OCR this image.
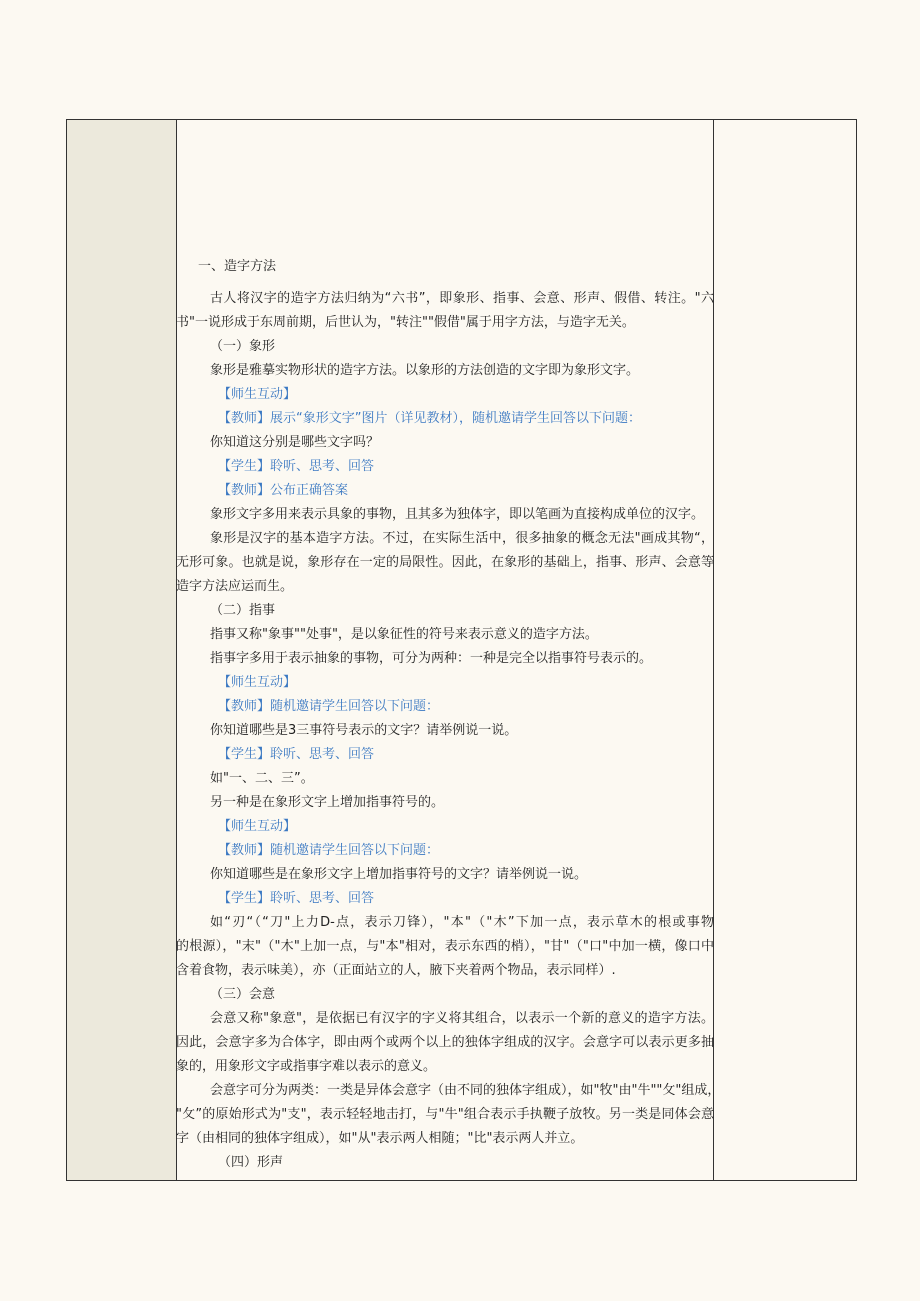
一、造字方法
古人将汉字的造字方法归纳为“六书”，即象形、指事、会意、形声、假借、转注。"六
书"一说形成于东周前期，后世认为，"转注""假借"属于用字方法，与造字无关。
（一）象形
象形是雅摹实物形状的造字方法。以象形的方法创造的文字即为象形文字。
【师生互动】
【教师】展示“象形文字”图片（详见教材），随机邀请学生回答以下问题：
你知道这分别是哪些文字吗？
【学生】聆听、思考、回答
【教师】公布正确答案
象形文字多用来表示具象的事物，且其多为独体字，即以笔画为直接构成单位的汉字。
象形是汉字的基本造字方法。不过，在实际生活中，很多抽象的概念无法"画成其物“，
无形可象。也就是说，象形存在一定的局限性。因此，在象形的基础上，指事、形声、会意等
造字方法应运而生。
（二）指事
指事又称"象事""处事"，是以象征性的符号来表示意义的造字方法。
指事字多用于表示抽象的事物，可分为两种：一种是完全以指事符号表示的。
【师生互动】
【教师】随机邀请学生回答以下问题：
你知道哪些是3三事符号表示的文字？请举例说一说。
【学生】聆听、思考、回答
如"一、二、三”。
另一种是在象形文字上增加指事符号的。
【师生互动】
【教师】随机邀请学生回答以下问题：
你知道哪些是在象形文字上增加指事符号的文字？请举例说一说。
【学生】聆听、思考、回答
如“刃“（“刀"上力D-点，表示刀锋），"本"（"木”下加一点，表示草木的根或事物
的根源），"末"（"木"上加一点，与"本"相对，表示东西的梢），"甘"（"口"中加一横，像口中
含着食物，表示味美），亦（正面站立的人，腋下夹着两个物品，表示同样）.
（三）会意
会意又称"象意"，是依据已有汉字的字义将其组合，以表示一个新的意义的造字方法。
因此，会意字多为合体字，即由两个或两个以上的独体字组成的汉字。会意字可以表示更多抽
象的，用象形文字或指事字难以表示的意义。
会意字可分为两类：一类是异体会意字（由不同的独体字组成），如"牧"由"牛""攵"组成，
"攵”的原始形式为"支"，表示轻轻地击打，与"牛"组合表示手执鞭子放牧。另一类是同体会意
字（由相同的独体字组成），如"从"表示两人相随；"比"表示两人并立。
（四）形声
